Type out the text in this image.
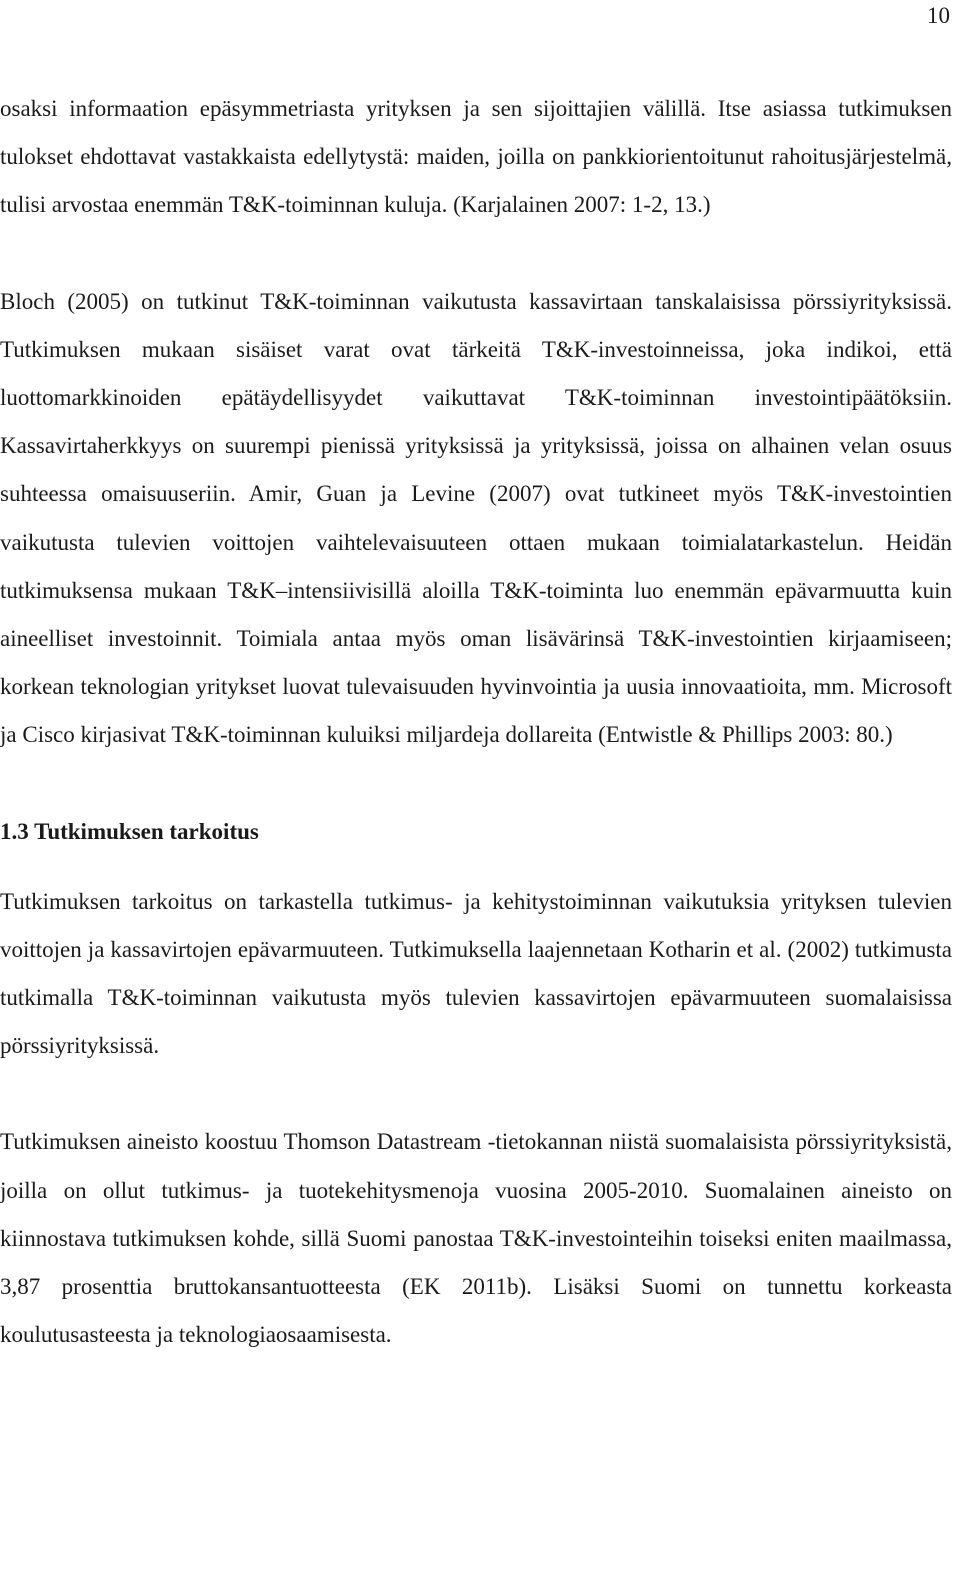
10

osaksi informaation epäsymmetriasta yrityksen ja sen sijoittajien välillä. Itse asiassa tutkimuksen tulokset ehdottavat vastakkaista edellytystä: maiden, joilla on pankkiorientoitunut rahoitusjärjestelmä, tulisi arvostaa enemmän T&K-toiminnan kuluja. (Karjalainen 2007: 1-2, 13.)

Bloch (2005) on tutkinut T&K-toiminnan vaikutusta kassavirtaan tanskalaisissa pörssiyrityksissä. Tutkimuksen mukaan sisäiset varat ovat tärkeitä T&K-investoinneissa, joka indikoi, että luottomarkkinoiden epätäydellisyydet vaikuttavat T&K-toiminnan investointipäätöksiin. Kassavirtaherkkyys on suurempi pienissä yrityksissä ja yrityksissä, joissa on alhainen velan osuus suhteessa omaisuuseriin. Amir, Guan ja Levine (2007) ovat tutkineet myös T&K-investointien vaikutusta tulevien voittojen vaihtelevaisuuteen ottaen mukaan toimialatarkastelun. Heidän tutkimuksensa mukaan T&K–intensiivisillä aloilla T&K-toiminta luo enemmän epävarmuutta kuin aineelliset investoinnit. Toimiala antaa myös oman lisävärinsä T&K-investointien kirjaamiseen; korkean teknologian yritykset luovat tulevaisuuden hyvinvointia ja uusia innovaatioita, mm. Microsoft ja Cisco kirjasivat T&K-toiminnan kuluiksi miljardeja dollareita (Entwistle & Phillips 2003: 80.)

1.3 Tutkimuksen tarkoitus

Tutkimuksen tarkoitus on tarkastella tutkimus- ja kehitystoiminnan vaikutuksia yrityksen tulevien voittojen ja kassavirtojen epävarmuuteen. Tutkimuksella laajennetaan Kotharin et al. (2002) tutkimusta tutkimalla T&K-toiminnan vaikutusta myös tulevien kassavirtojen epävarmuuteen suomalaisissa pörssiyrityksissä.

Tutkimuksen aineisto koostuu Thomson Datastream -tietokannan niistä suomalaisista pörssiyrityksistä, joilla on ollut tutkimus- ja tuotekehitysmenoja vuosina 2005-2010. Suomalainen aineisto on kiinnostava tutkimuksen kohde, sillä Suomi panostaa T&K-investointeihin toiseksi eniten maailmassa, 3,87 prosenttia bruttokansantuotteesta (EK 2011b). Lisäksi Suomi on tunnettu korkeasta koulutusasteesta ja teknologiaosaamisesta.
